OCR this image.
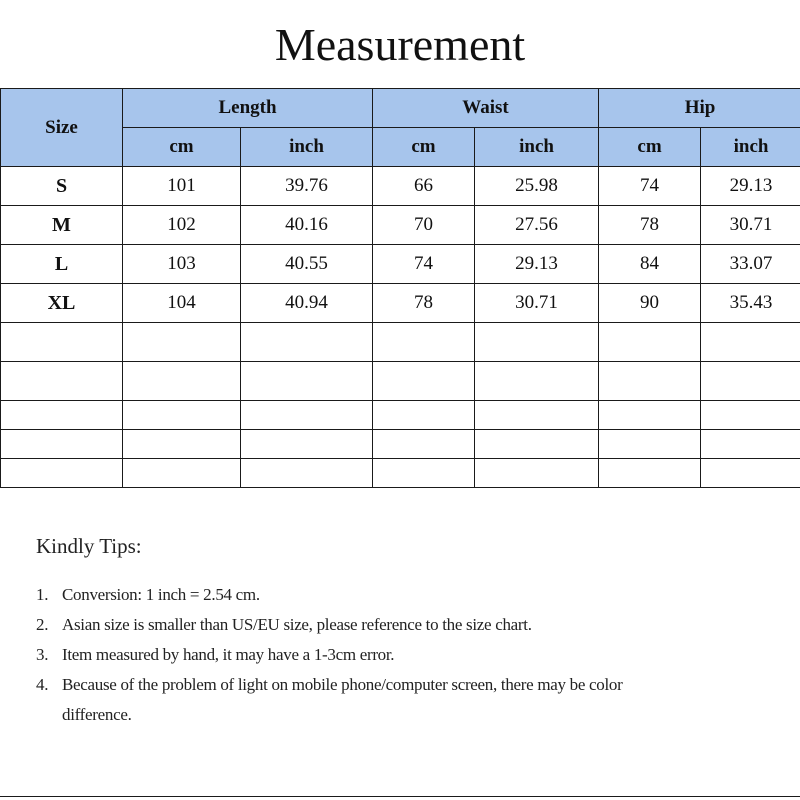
Measurement
Size	Length		Waist		Hip	
	cm	inch	cm	inch	cm	inch
S	101	39.76	66	25.98	74	29.13
M	102	40.16	70	27.56	78	30.71
L	103	40.55	74	29.13	84	33.07
XL	104	40.94	78	30.71	90	35.43

Kindly Tips:
1. Conversion: 1 inch = 2.54 cm.
2. Asian size is smaller than US/EU size, please reference to the size chart.
3. Item measured by hand, it may have a 1-3cm error.
4. Because of the problem of light on mobile phone/computer screen, there may be color difference.
